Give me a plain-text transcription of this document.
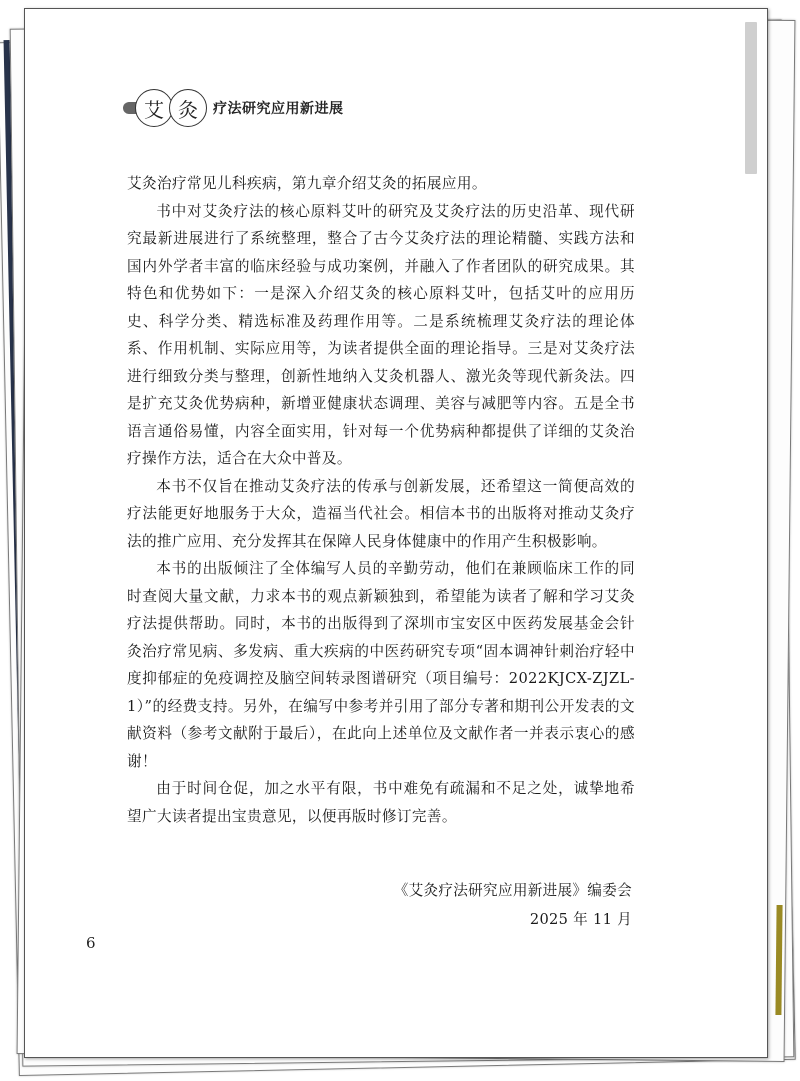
艾 灸	疗法研究应用新进展

艾灸治疗常见儿科疾病，第九章介绍艾灸的拓展应用。

书中对艾灸疗法的核心原料艾叶的研究及艾灸疗法的历史沿革、现代研究最新进展进行了系统整理，整合了古今艾灸疗法的理论精髓、实践方法和国内外学者丰富的临床经验与成功案例，并融入了作者团队的研究成果。其特色和优势如下：一是深入介绍艾灸的核心原料艾叶，包括艾叶的应用历史、科学分类、精选标准及药理作用等。二是系统梳理艾灸疗法的理论体系、作用机制、实际应用等，为读者提供全面的理论指导。三是对艾灸疗法进行细致分类与整理，创新性地纳入艾灸机器人、激光灸等现代新灸法。四是扩充艾灸优势病种，新增亚健康状态调理、美容与减肥等内容。五是全书语言通俗易懂，内容全面实用，针对每一个优势病种都提供了详细的艾灸治疗操作方法，适合在大众中普及。

本书不仅旨在推动艾灸疗法的传承与创新发展，还希望这一简便高效的疗法能更好地服务于大众，造福当代社会。相信本书的出版将对推动艾灸疗法的推广应用、充分发挥其在保障人民身体健康中的作用产生积极影响。

本书的出版倾注了全体编写人员的辛勤劳动，他们在兼顾临床工作的同时查阅大量文献，力求本书的观点新颖独到，希望能为读者了解和学习艾灸疗法提供帮助。同时，本书的出版得到了深圳市宝安区中医药发展基金会针灸治疗常见病、多发病、重大疾病的中医药研究专项“固本调神针刺治疗轻中度抑郁症的免疫调控及脑空间转录图谱研究（项目编号：2022KJCX-ZJZL-1）”的经费支持。另外，在编写中参考并引用了部分专著和期刊公开发表的文献资料（参考文献附于最后），在此向上述单位及文献作者一并表示衷心的感谢！

由于时间仓促，加之水平有限，书中难免有疏漏和不足之处，诚挚地希望广大读者提出宝贵意见，以便再版时修订完善。

《艾灸疗法研究应用新进展》编委会
2025 年 11 月
6
